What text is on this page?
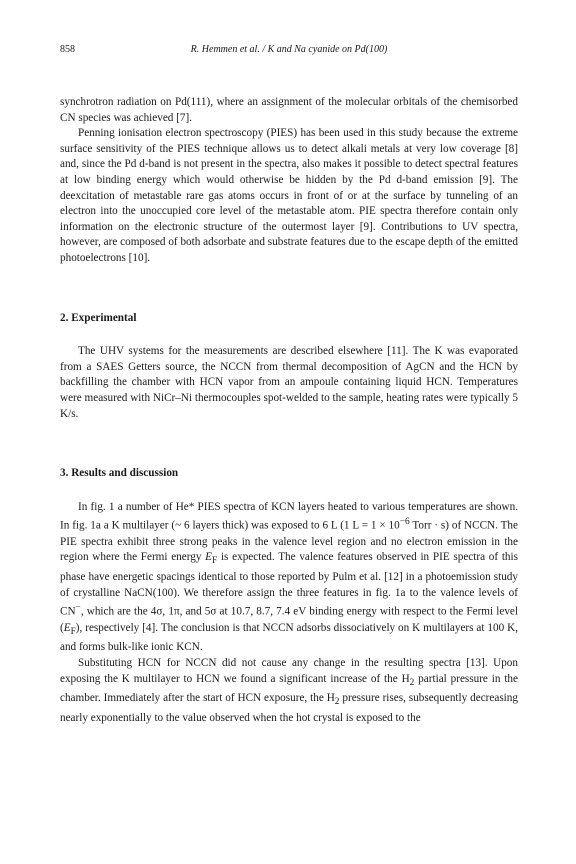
858	R. Hemmen et al. / K and Na cyanide on Pd(100)

synchrotron radiation on Pd(111), where an assignment of the molecular orbitals of the chemisorbed CN species was achieved [7].

Penning ionisation electron spectroscopy (PIES) has been used in this study because the extreme surface sensitivity of the PIES technique allows us to detect alkali metals at very low coverage [8] and, since the Pd d-band is not present in the spectra, also makes it possible to detect spectral features at low binding energy which would otherwise be hidden by the Pd d-band emission [9]. The deexcitation of metastable rare gas atoms occurs in front of or at the surface by tunneling of an electron into the unoccupied core level of the metastable atom. PIE spectra therefore contain only information on the electronic structure of the outermost layer [9]. Contributions to UV spectra, however, are composed of both adsorbate and substrate features due to the escape depth of the emitted photoelectrons [10].

2. Experimental

The UHV systems for the measurements are described elsewhere [11]. The K was evaporated from a SAES Getters source, the NCCN from thermal decomposition of AgCN and the HCN by backfilling the chamber with HCN vapor from an ampoule containing liquid HCN. Temperatures were measured with NiCr–Ni thermocouples spot-welded to the sample, heating rates were typically 5 K/s.

3. Results and discussion

In fig. 1 a number of He* PIES spectra of KCN layers heated to various temperatures are shown. In fig. 1a a K multilayer (~ 6 layers thick) was exposed to 6 L (1 $L = 1 \times 10^{-6}$ Torr · s) of NCCN. The PIE spectra exhibit three strong peaks in the valence level region and no electron emission in the region where the Fermi energy $E_F$ is expected. The valence features observed in PIE spectra of this phase have energetic spacings identical to those reported by Pulm et al. [12] in a photoemission study of crystalline NaCN(100). We therefore assign the three features in fig. 1a to the valence levels of CN−, which are the 4σ, 1π, and 5σ at 10.7, 8.7, 7.4 eV binding energy with respect to the Fermi level $(E_F)$, respectively [4]. The conclusion is that NCCN adsorbs dissociatively on K multilayers at 100 K, and forms bulk-like ionic KCN.

Substituting HCN for NCCN did not cause any change in the resulting spectra [13]. Upon exposing the K multilayer to HCN we found a significant increase of the $H_2$ partial pressure in the chamber. Immediately after the start of HCN exposure, the $H_2$ pressure rises, subsequently decreasing nearly exponentially to the value observed when the hot crystal is exposed to the
